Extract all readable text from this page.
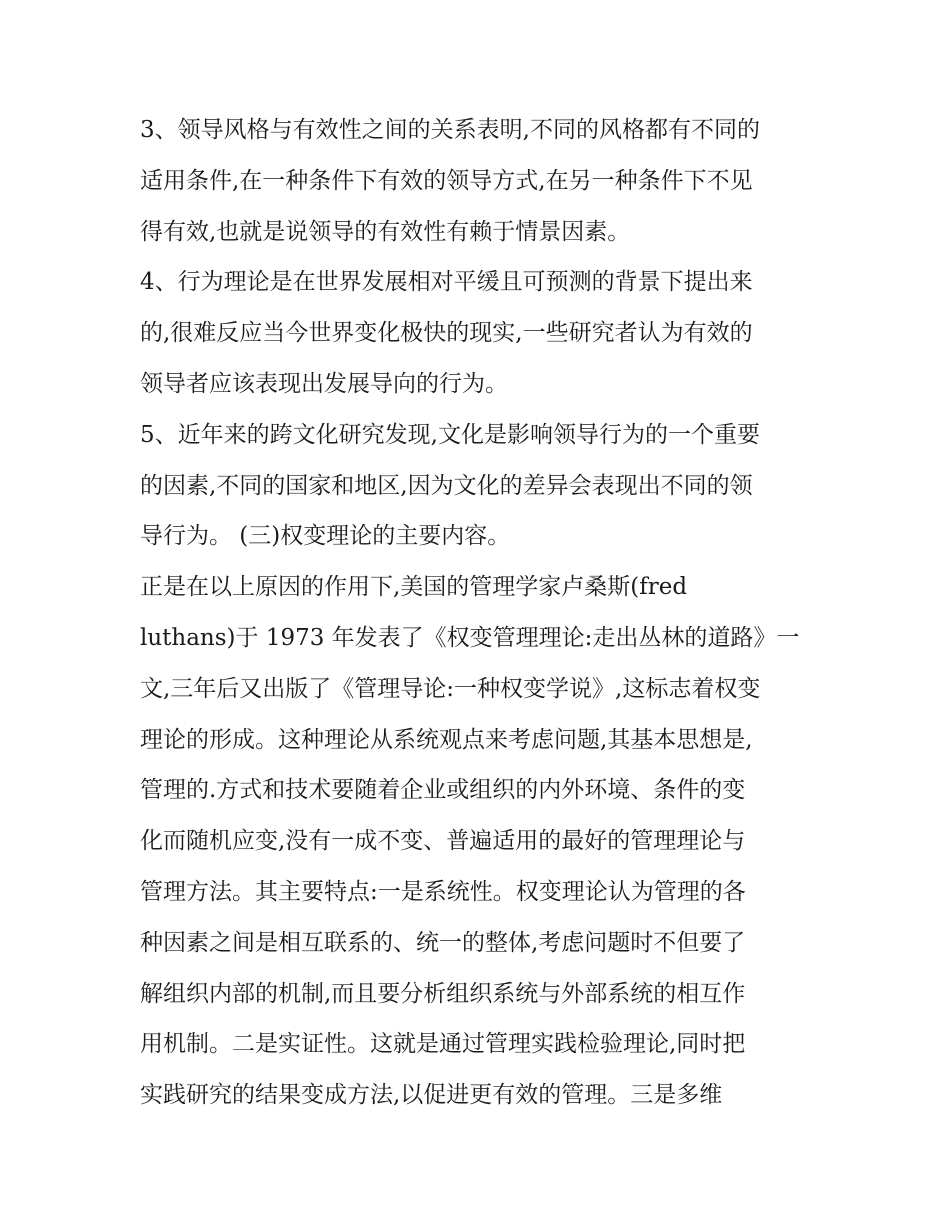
3、领导风格与有效性之间的关系表明,不同的风格都有不同的
适用条件,在一种条件下有效的领导方式,在另一种条件下不见
得有效,也就是说领导的有效性有赖于情景因素。
4、行为理论是在世界发展相对平缓且可预测的背景下提出来
的,很难反应当今世界变化极快的现实,一些研究者认为有效的
领导者应该表现出发展导向的行为。
5、近年来的跨文化研究发现,文化是影响领导行为的一个重要
的因素,不同的国家和地区,因为文化的差异会表现出不同的领
导行为。 (三)权变理论的主要内容。
正是在以上原因的作用下,美国的管理学家卢桑斯(fred
luthans)于 1973 年发表了《权变管理理论:走出丛林的道路》一
文,三年后又出版了《管理导论:一种权变学说》,这标志着权变
理论的形成。这种理论从系统观点来考虑问题,其基本思想是,
管理的.方式和技术要随着企业或组织的内外环境、条件的变
化而随机应变,没有一成不变、普遍适用的最好的管理理论与
管理方法。其主要特点:一是系统性。权变理论认为管理的各
种因素之间是相互联系的、统一的整体,考虑问题时不但要了
解组织内部的机制,而且要分析组织系统与外部系统的相互作
用机制。二是实证性。这就是通过管理实践检验理论,同时把
实践研究的结果变成方法,以促进更有效的管理。三是多维
